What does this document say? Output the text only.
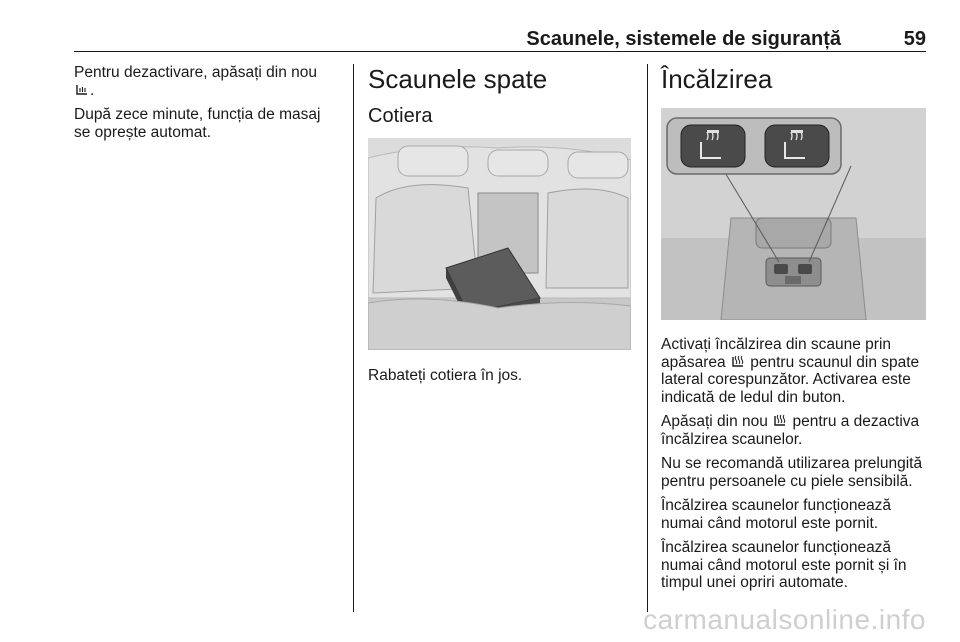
Scaunele, sistemele de siguranță	59

Pentru dezactivare, apăsați din nou
.

După zece minute, funcția de masaj se oprește automat.

Scaunele spate
Cotiera

Rabateți cotiera în jos.

Încălzirea

Activați încălzirea din scaune prin apăsarea pentru scaunul din spate lateral corespunzător. Activarea este indicată de ledul din buton.

Apăsați din nou pentru a dezactiva încălzirea scaunelor.

Nu se recomandă utilizarea prelungită pentru persoanele cu piele sensibilă.

Încălzirea scaunelor funcționează numai când motorul este pornit.

Încălzirea scaunelor funcționează numai când motorul este pornit și în timpul unei opriri automate.

carmanualsonline.info
